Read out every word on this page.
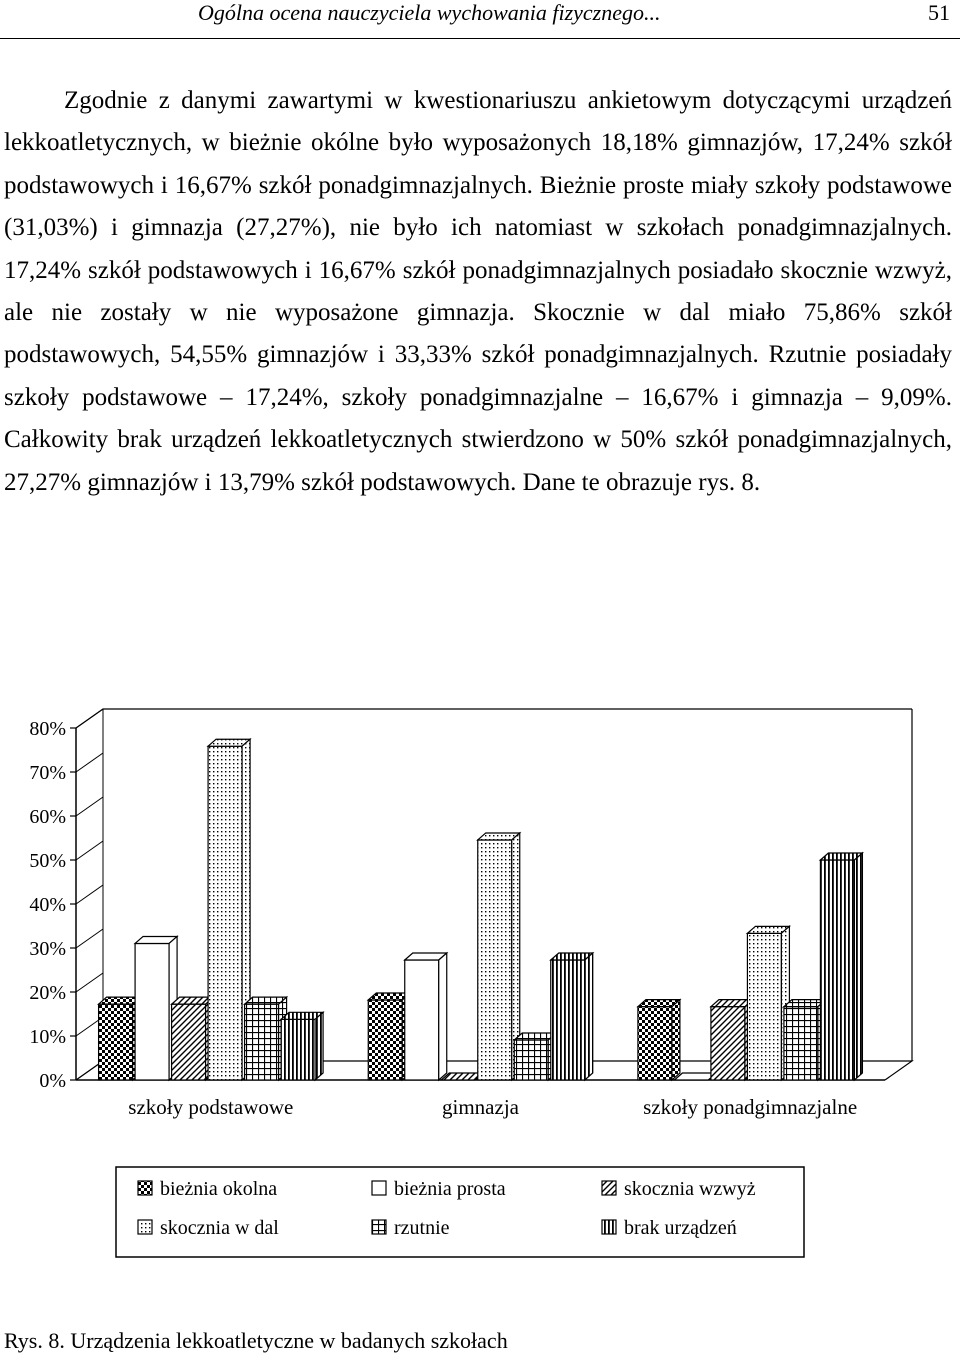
Ogólna ocena nauczyciela wychowania fizycznego...	51

Zgodnie z danymi zawartymi w kwestionariuszu ankietowym dotyczącymi urządzeń lekkoatletycznych, w bieżnie okólne było wyposażonych 18,18% gimnazjów, 17,24% szkół podstawowych i 16,67% szkół ponadgimnazjalnych. Bieżnie proste miały szkoły podstawowe (31,03%) i gimnazja (27,27%), nie było ich natomiast w szkołach ponadgimnazjalnych. 17,24% szkół podstawowych i 16,67% szkół ponadgimnazjalnych posiadało skocznie wzwyż, ale nie zostały w nie wyposażone gimnazja. Skocznie w dal miało 75,86% szkół podstawowych, 54,55% gimnazjów i 33,33% szkół ponadgimnazjalnych. Rzutnie posiadały szkoły podstawowe – 17,24%, szkoły ponadgimnazjalne – 16,67% i gimnazja – 9,09%. Całkowity brak urządzeń lekkoatletycznych stwierdzono w 50% szkół ponadgimnazjalnych, 27,27% gimnazjów i 13,79% szkół podstawowych. Dane te obrazuje rys. 8.

0%
10%
20%
30%
40%
50%
60%
70%
80%
szkoły podstawowe	gimnazja	szkoły ponadgimnazjalne
bieżnia okolna	bieżnia prosta	skocznia wzwyż
skocznia w dal	rzutnie	brak urządzeń
Rys. 8. Urządzenia lekkoatletyczne w badanych szkołach
